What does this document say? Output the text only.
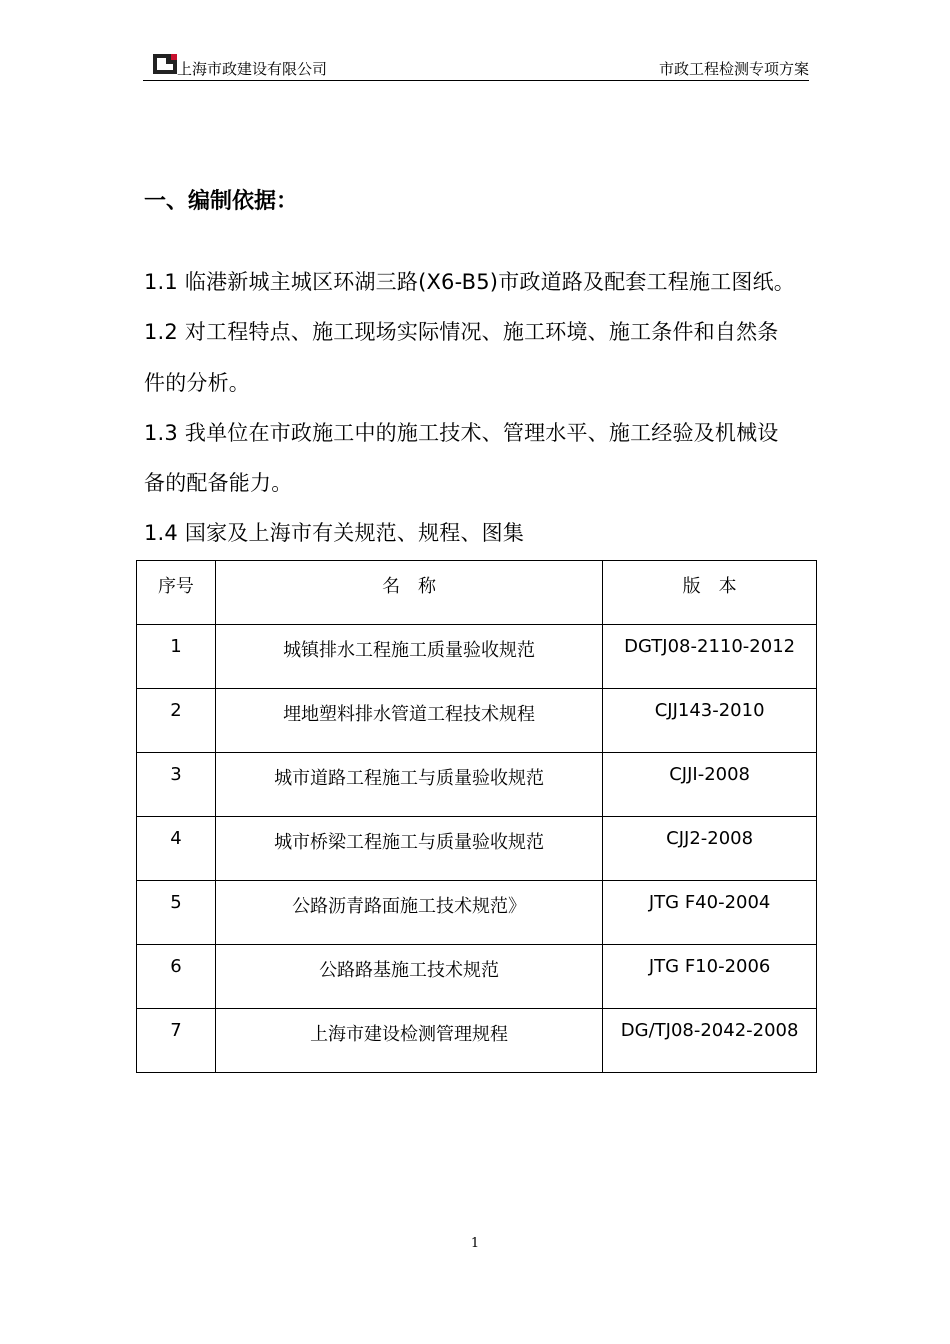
上海市政建设有限公司	市政工程检测专项方案
一、编制依据：
1.1 临港新城主城区环湖三路(X6-B5)市政道路及配套工程施工图纸。
1.2 对工程特点、施工现场实际情况、施工环境、施工条件和自然条
件的分析。
1.3 我单位在市政施工中的施工技术、管理水平、施工经验及机械设
备的配备能力。
1.4 国家及上海市有关规范、规程、图集
序号	名　称	版　本
1	城镇排水工程施工质量验收规范	DGTJ08-2110-2012
2	埋地塑料排水管道工程技术规程	CJJ143-2010
3	城市道路工程施工与质量验收规范	CJJI-2008
4	城市桥梁工程施工与质量验收规范	CJJ2-2008
5	公路沥青路面施工技术规范》	JTG F40-2004
6	公路路基施工技术规范	JTG F10-2006
7	上海市建设检测管理规程	DG/TJ08-2042-2008
1
